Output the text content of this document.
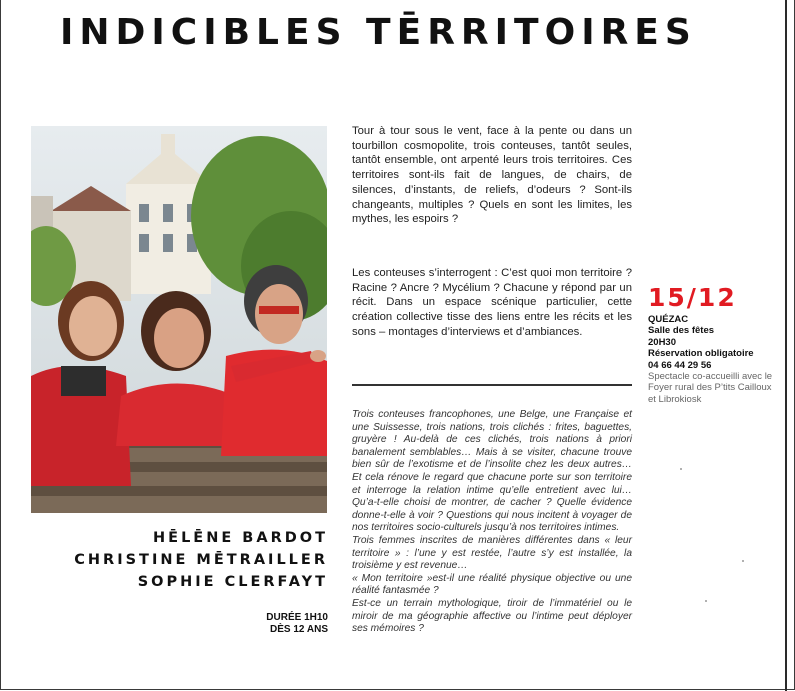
INDICIBLES TĒRRITOIRES
HĒLĒNE BARDOT
CHRISTINE MĒTRAILLER
SOPHIE CLERFAYT
DURÉE 1H10
DÈS 12 ANS
Tour à tour sous le vent, face à la pente ou dans un tourbillon cosmopolite, trois conteuses, tantôt seules, tantôt ensemble, ont arpenté leurs trois territoires. Ces territoires sont-ils fait de langues, de chairs, de silences, d’instants, de reliefs, d’odeurs ? Sont-ils changeants, multiples ? Quels en sont les limites, les mythes, les espoirs ?
Les conteuses s’interrogent : C’est quoi mon territoire ? Racine ? Ancre ? Mycélium ? Chacune y répond par un récit. Dans un espace scénique particulier, cette création collective tisse des liens entre les récits et les sons – montages d’interviews et d’ambiances.

Trois conteuses francophones, une Belge, une Française et une Suissesse, trois nations, trois clichés : frites, baguettes, gruyère ! Au-delà de ces clichés, trois nations à priori banalement semblables… Mais à se visiter, chacune trouve bien sûr de l’exotisme et de l’insolite chez les deux autres… Et cela rénove le regard que chacune porte sur son territoire et interroge la relation intime qu’elle entretient avec lui… Qu’a-t-elle choisi de montrer, de cacher ? Quelle évidence donne-t-elle à voir ? Questions qui nous incitent à voyager de nos territoires socio-culturels jusqu’à nos territoires intimes.

Trois femmes inscrites de manières différentes dans « leur territoire » : l’une y est restée, l’autre s’y est installée, la troisième y est revenue…

« Mon territoire »est-il une réalité physique objective ou une réalité fantasmée ?

Est-ce un terrain mythologique, tiroir de l’immatériel ou le miroir de ma géographie affective ou l’intime peut déployer ses mémoires ?

15/12
QUÉZAC
Salle des fêtes
20H30
Réservation obligatoire
04 66 44 29 56
Spectacle co-accueilli avec le Foyer rural des P’tits Cailloux et Librokiosk
